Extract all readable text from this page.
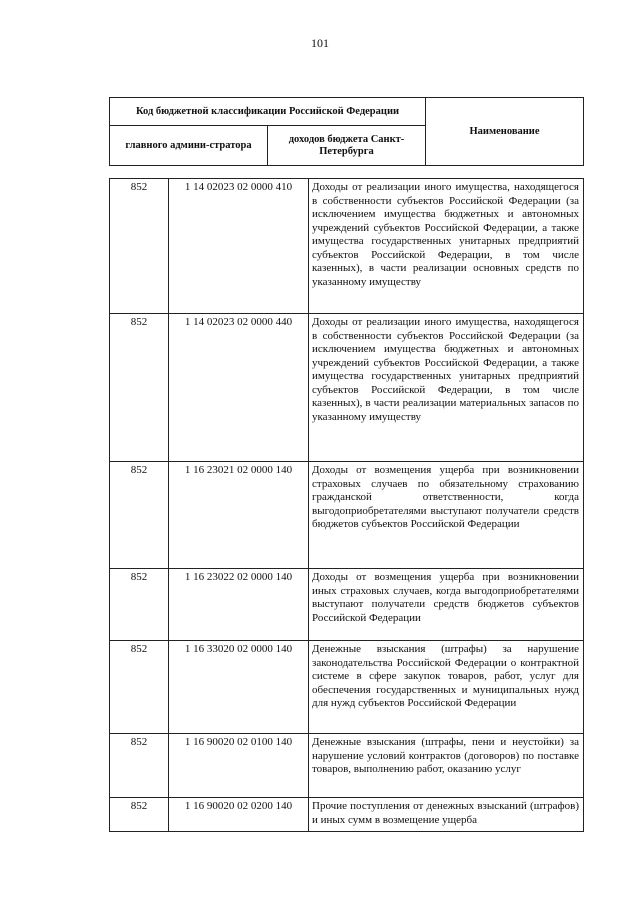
101
Код бюджетной классификации Российской Федерации		Наименование
главного админи-стратора	доходов бюджета Санкт-Петербурга	
852	1 14 02023 02 0000 410	Доходы от реализации иного имущества, находящегося в собственности субъектов Российской Федерации (за исключением имущества бюджетных и автономных учреждений субъектов Российской Федерации, а также имущества государственных унитарных предприятий субъектов Российской Федерации, в том числе казенных), в части реализации основных средств по указанному имуществу
852	1 14 02023 02 0000 440	Доходы от реализации иного имущества, находящегося в собственности субъектов Российской Федерации (за исключением имущества бюджетных и автономных учреждений субъектов Российской Федерации, а также имущества государственных унитарных предприятий субъектов Российской Федерации, в том числе казенных), в части реализации материальных запасов по указанному имуществу
852	1 16 23021 02 0000 140	Доходы от возмещения ущерба при возникновении страховых случаев по обязательному страхованию гражданской ответственности, когда выгодоприобретателями выступают получатели средств бюджетов субъектов Российской Федерации
852	1 16 23022 02 0000 140	Доходы от возмещения ущерба при возникновении иных страховых случаев, когда выгодоприобретателями выступают получатели средств бюджетов субъектов Российской Федерации
852	1 16 33020 02 0000 140	Денежные взыскания (штрафы) за нарушение законодательства Российской Федерации о контрактной системе в сфере закупок товаров, работ, услуг для обеспечения государственных и муниципальных нужд для нужд субъектов Российской Федерации
852	1 16 90020 02 0100 140	Денежные взыскания (штрафы, пени и неустойки) за нарушение условий контрактов (договоров) по поставке товаров, выполнению работ, оказанию услуг
852	1 16 90020 02 0200 140	Прочие поступления от денежных взысканий (штрафов) и иных сумм в возмещение ущерба
